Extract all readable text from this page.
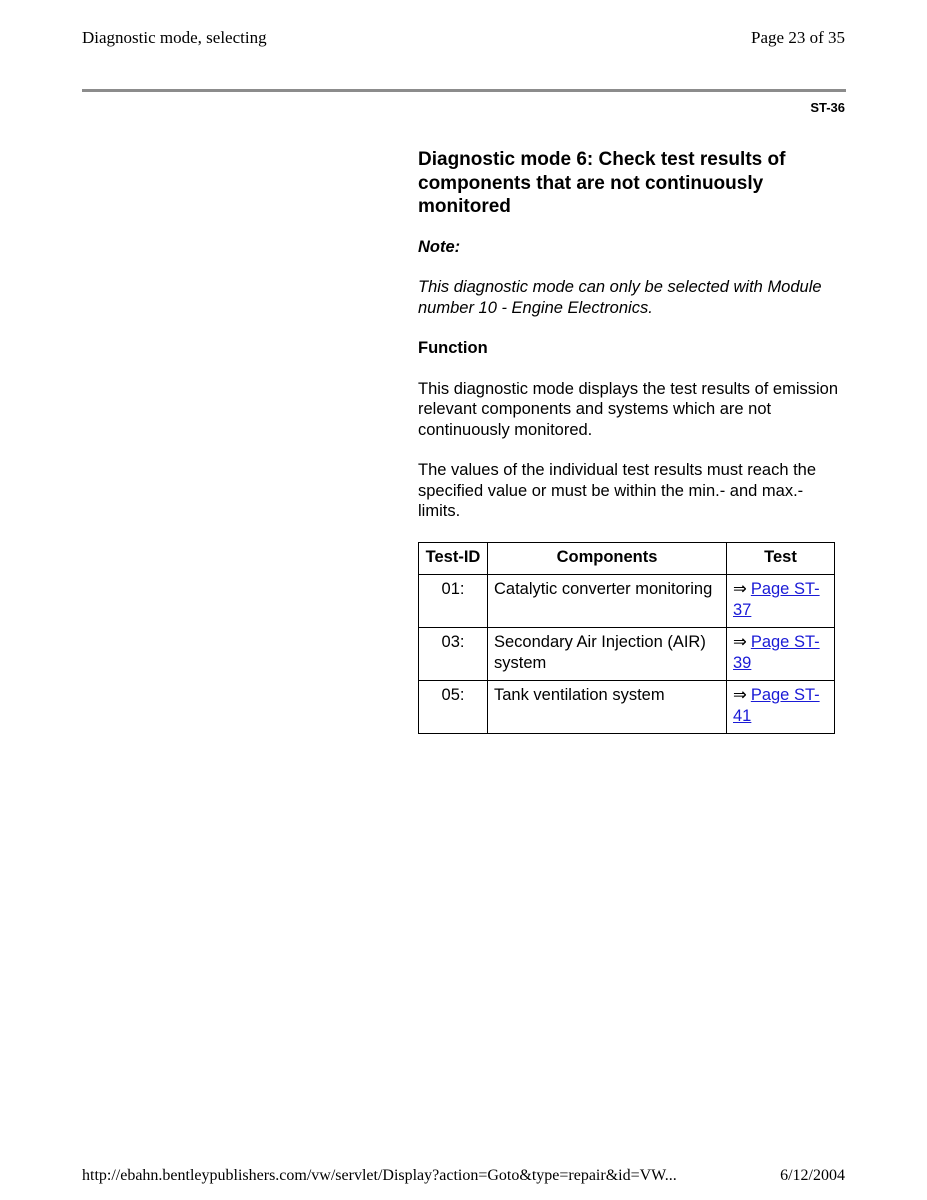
Diagnostic mode, selecting	Page 23 of 35
ST-36
Diagnostic mode 6: Check test results of components that are not continuously monitored

Note:

This diagnostic mode can only be selected with Module number 10 - Engine Electronics.

Function

This diagnostic mode displays the test results of emission relevant components and systems which are not continuously monitored.

The values of the individual test results must reach the specified value or must be within the min.- and max.- limits.

Test-ID	Components	Test
01:	Catalytic converter monitoring	⇒ Page ST-37
03:	Secondary Air Injection (AIR) system	⇒ Page ST-39
05:	Tank ventilation system	⇒ Page ST-41
http://ebahn.bentleypublishers.com/vw/servlet/Display?action=Goto&type=repair&id=VW...	6/12/2004
